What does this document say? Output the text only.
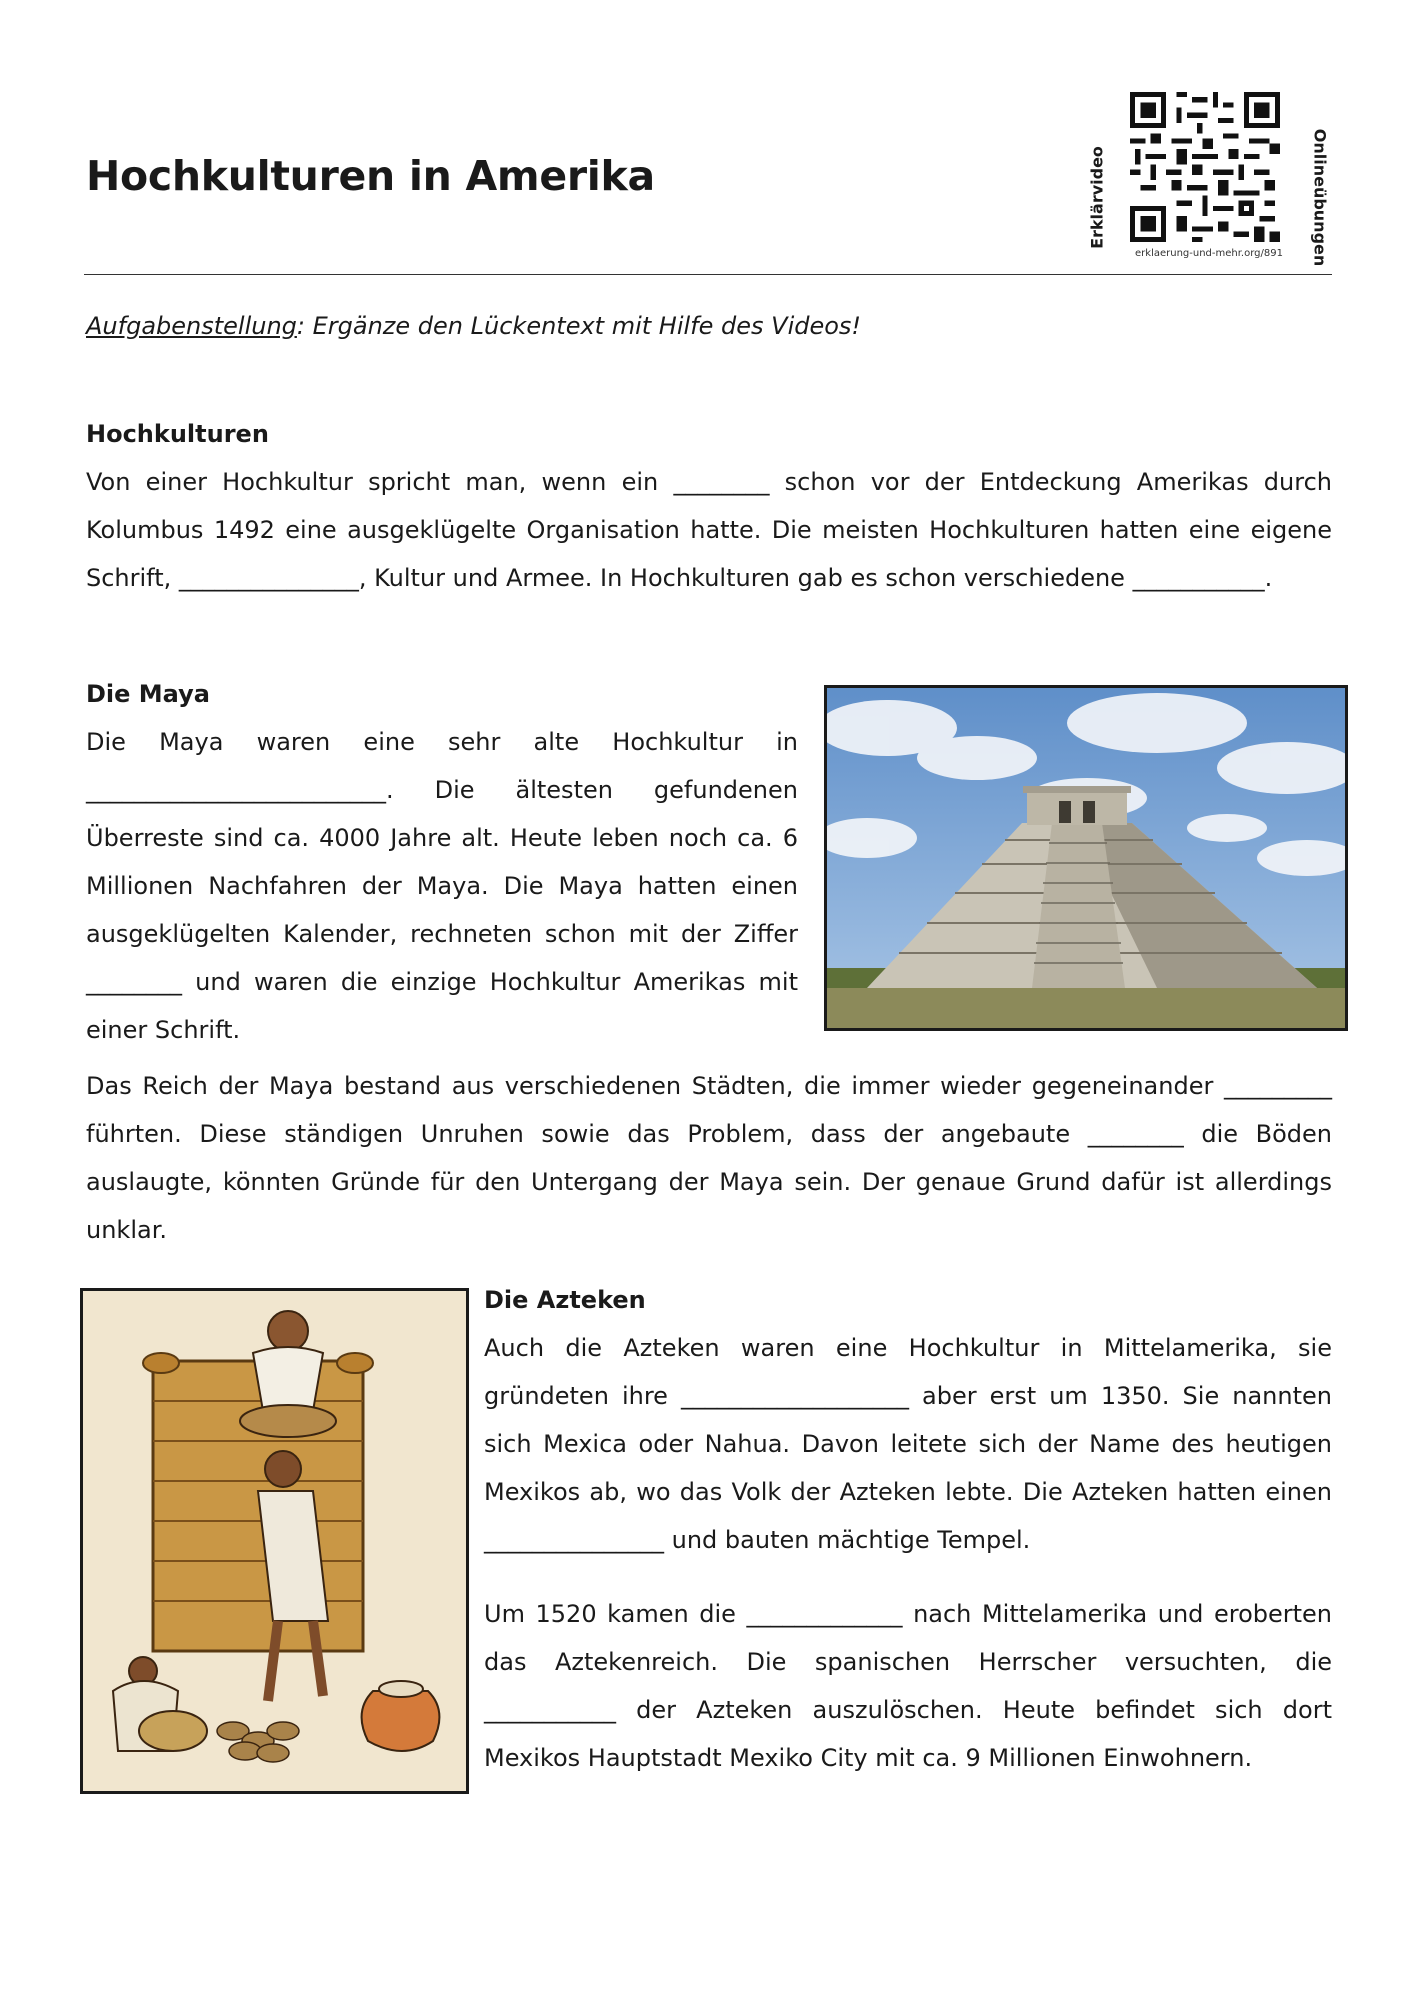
Hochkulturen in Amerika	Erklärvideo	Onlineübungen
erklaerung-und-mehr.org/891

Aufgabenstellung: Ergänze den Lückentext mit Hilfe des Videos!

Hochkulturen

Von einer Hochkultur spricht man, wenn ein ________ schon vor der Entdeckung Amerikas durch Kolumbus 1492 eine ausgeklügelte Organisation hatte. Die meisten Hochkulturen hatten eine eigene Schrift, _______________, Kultur und Armee. In Hochkulturen gab es schon verschiedene ___________.

Die Maya

Die Maya waren eine sehr alte Hochkultur in _________________________. Die ältesten gefundenen Überreste sind ca. 4000 Jahre alt. Heute leben noch ca. 6 Millionen Nachfahren der Maya. Die Maya hatten einen ausgeklügelten Kalender, rechneten schon mit der Ziffer ________ und waren die einzige Hochkultur Amerikas mit einer Schrift.

Das Reich der Maya bestand aus verschiedenen Städten, die immer wieder gegeneinander _________ führten. Diese ständigen Unruhen sowie das Problem, dass der angebaute ________ die Böden auslaugte, könnten Gründe für den Untergang der Maya sein. Der genaue Grund dafür ist allerdings unklar.

Die Azteken

Auch die Azteken waren eine Hochkultur in Mittelamerika, sie gründeten ihre ___________________ aber erst um 1350. Sie nannten sich Mexica oder Nahua. Davon leitete sich der Name des heutigen Mexikos ab, wo das Volk der Azteken lebte. Die Azteken hatten einen _______________ und bauten mächtige Tempel.

Um 1520 kamen die _____________ nach Mittelamerika und eroberten das Aztekenreich. Die spanischen Herrscher versuchten, die ___________ der Azteken auszulöschen. Heute befindet sich dort Mexikos Hauptstadt Mexiko City mit ca. 9 Millionen Einwohnern.
